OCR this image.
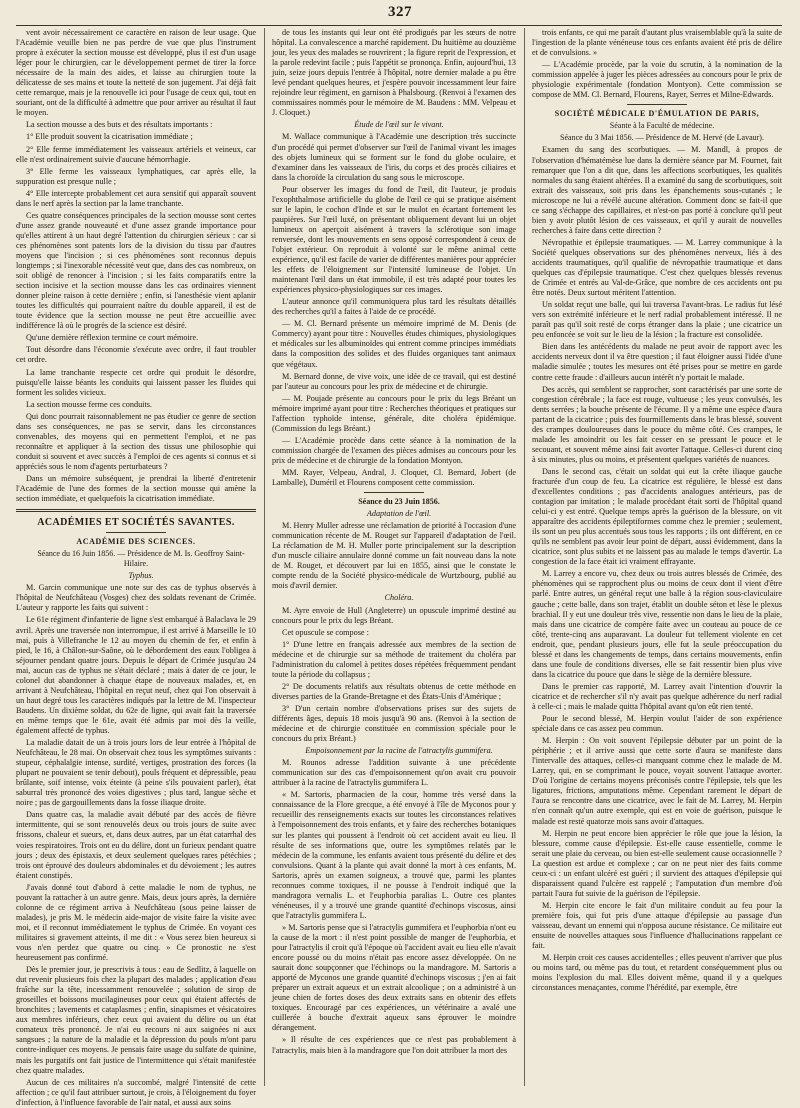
327

vent avoir nécessairement ce caractère en raison de leur usage. Que l'Académie veuille bien ne pas perdre de vue que plus l'instrument propre à exécuter la section mousse est développé, plus il est d'un usage léger pour le chirurgien, car le développement permet de tirer la force nécessaire de la main des aides, et laisse au chirurgien toute la délicatesse de ses mains et toute la netteté de son jugement. J'ai déjà fait cette remarque, mais je la renouvelle ici pour l'usage de ceux qui, tout en souriant, ont de la difficulté à admettre que pour arriver au résultat il faut le moyen.

La section mousse a des buts et des résultats importants :

1° Elle produit souvent la cicatrisation immédiate ;

2° Elle ferme immédiatement les vaisseaux artériels et veineux, car elle n'est ordinairement suivie d'aucune hémorrhagie.

3° Elle ferme les vaisseaux lymphatiques, car après elle, la suppuration est presque nulle ;

4° Elle intercepte probablement cet aura sensitif qui apparaît souvent dans le nerf après la section par la lame tranchante.

Ces quatre conséquences principales de la section mousse sont certes d'une assez grande nouveauté et d'une assez grande importance pour qu'elles attirent à un haut degré l'attention du chirurgien sérieux : car si ces phénomènes sont patents lors de la division du tissu par d'autres moyens que l'incision ; si ces phénomènes sont reconnus depuis longtemps ; si l'inexorable nécessité veut que, dans des cas nombreux, on soit obligé de renoncer à l'incision ; si les faits comparatifs entre la section incisive et la section mousse dans les cas ordinaires viennent donner pleine raison à cette dernière ; enfin, si l'anesthésie vient aplanir toutes les difficultés qui pourraient naître du double appareil, il est de toute évidence que la section mousse ne peut être accueillie avec indifférence là où le progrès de la science est désiré.

Qu'une dernière réflexion termine ce court mémoire.

Tout désordre dans l'économie s'exécute avec ordre, il faut troubler cet ordre.

La lame tranchante respecte cet ordre qui produit le désordre, puisqu'elle laisse béants les conduits qui laissent passer les fluides qui forment les solides vicieux.

La section mousse ferme ces conduits.

Qui donc pourrait raisonnablement ne pas étudier ce genre de section dans ses conséquences, ne pas se servir, dans les circonstances convenables, des moyens qui en permettent l'emploi, et ne pas reconnaître et appliquer à la section des tissus une philosophie qui conduit si souvent et avec succès à l'emploi de ces agents si connus et si appréciés sous le nom d'agents perturbateurs ?

Dans un mémoire subséquent, je prendrai la liberté d'entretenir l'Académie de l'une des formes de la section mousse qui amène la section immédiate, et quelquefois la cicatrisation immédiate.

ACADÉMIES ET SOCIÉTÉS SAVANTES.
ACADÉMIE DES SCIENCES.

Séance du 16 Juin 1856. — Présidence de M. Is. Geoffroy Saint-Hilaire.

Typhus.

M. Garcin communique une note sur des cas de typhus observés à l'hôpital de Neufchâteau (Vosges) chez des soldats revenant de Crimée. L'auteur y rapporte les faits qui suivent :

Le 61e régiment d'infanterie de ligne s'est embarqué à Balaclava le 29 avril. Après une traversée non interrompue, il est arrivé à Marseille le 10 mai, puis à Villefranche le 12 au moyen du chemin de fer, et enfin à pied, le 16, à Châlon-sur-Saône, où le débordement des eaux l'obligea à séjourner pendant quatre jours. Depuis le départ de Crimée jusqu'au 24 mai, aucun cas de typhus ne s'était déclaré ; mais à dater de ce jour, le colonel dut abandonner à chaque étape de nouveaux malades, et, en arrivant à Neufchâteau, l'hôpital en reçut neuf, chez qui l'on observait à un haut degré tous les caractères indiqués par la lettre de M. l'inspecteur Baudens. Un dixième soldat, du 62e de ligne, qui avait fait la traversée en même temps que le 61e, avait été admis par moi dès la veille, également affecté de typhus.

La maladie datait de un à trois jours lors de leur entrée à l'hôpital de Neufchâteau, le 28 mai. On observait chez tous les symptômes suivants : stupeur, céphalalgie intense, surdité, vertiges, prostration des forces (la plupart ne pouvaient se tenir debout), pouls fréquent et dépressible, peau brûlante, soif intense, voix éteinte (à peine s'ils pouvaient parler), état saburral très prononcé des voies digestives ; plus tard, langue sèche et noire ; pas de gargouillements dans la fosse iliaque droite.

Dans quatre cas, la maladie avait débuté par des accès de fièvre intermittente, qui se sont renouvelés deux ou trois jours de suite avec frissons, chaleur et sueurs, et, dans deux autres, par un état catarrhal des voies respiratoires. Trois ont eu du délire, dont un furieux pendant quatre jours ; deux des épistaxis, et deux seulement quelques rares pétéchies ; trois ont éprouvé des douleurs abdominales et du dévoiement ; les autres étaient constipés.

J'avais donné tout d'abord à cette maladie le nom de typhus, ne pouvant la rattacher à un autre genre. Mais, deux jours après, la dernière colonne de ce régiment arriva à Neufchâteau (sous peine laisser de malades), je pris M. le médecin aide-major de visite faire la visite avec moi, et il reconnut immédiatement le typhus de Crimée. En voyant ces militaires si gravement atteints, il me dit : « Vous serez bien heureux si vous n'en perdez que quatre ou cinq. » Ce pronostic ne s'est heureusement pas confirmé.

Dès le premier jour, je prescrivis à tous : eau de Sedlitz, à laquelle on dut revenir plusieurs fois chez la plupart des malades ; application d'eau fraîche sur la tête, incessamment renouvelée ; solution de sirop de groseilles et boissons mucilagineuses pour ceux qui étaient affectés de bronchites ; lavements et cataplasmes ; enfin, sinapismes et vésicatoires aux membres inférieurs, chez ceux qui avaient du délire ou un état comateux très prononcé. Je n'ai eu recours ni aux saignées ni aux sangsues ; la nature de la maladie et la dépression du pouls m'ont paru contre-indiquer ces moyens. Je pensais faire usage du sulfate de quinine, mais les purgatifs ont fait justice de l'intermittence qui s'était manifestée chez quatre malades.

Aucun de ces militaires n'a succombé, malgré l'intensité de cette affection ; ce qu'il faut attribuer surtout, je crois, à l'éloignement du foyer d'infection, à l'influence favorable de l'air natal, et aussi aux soins

de tous les instants qui leur ont été prodigués par les sœurs de notre hôpital. La convalescence a marché rapidement. Du huitième au douzième jour, les yeux des malades se rouvrirent ; la figure reprit de l'expression, et la parole redevint facile ; puis l'appétit se prononça. Enfin, aujourd'hui, 13 juin, seize jours depuis l'entrée à l'hôpital, notre dernier malade a pu être levé pendant quelques heures, et j'espère pouvoir incessamment leur faire rejoindre leur régiment, en garnison à Phalsbourg. (Renvoi à l'examen des commissaires nommés pour le mémoire de M. Baudens : MM. Velpeau et J. Cloquet.)

Étude de l'œil sur le vivant.

M. Wallace communique à l'Académie une description très succincte d'un procédé qui permet d'observer sur l'œil de l'animal vivant les images des objets lumineux qui se forment sur le fond du globe oculaire, et d'examiner dans les vaisseaux de l'iris, du corps et des procès ciliaires et dans la choroïde la circulation du sang sous le microscope.

Pour observer les images du fond de l'œil, dit l'auteur, je produis l'exophthalmose artificielle du globe de l'œil ce qui se pratique aisément sur le lapin, le cochon d'Inde et sur le mulot en écartant fortement les paupières. Sur l'œil luxé, on présentant obliquement devant lui un objet lumineux on aperçoit aisément à travers la sclérotique son image renversée, dont les mouvements en sens opposé correspondent à ceux de l'objet extérieur. On reproduit à volonté sur le même animal cette expérience, qu'il est facile de varier de différentes manières pour apprécier les effets de l'éloignement sur l'intensité lumineuse de l'objet. Un maintenant l'œil dans un état immobile, il est très adapté pour toutes les expériences physico-physiologiques sur ces images.

L'auteur annonce qu'il communiquera plus tard les résultats détaillés des recherches qu'il a faites à l'aide de ce procédé.

— M. Cl. Bernard présente un mémoire imprimé de M. Denis (de Commercy) ayant pour titre : Nouvelles études chimiques, physiologiques et médicales sur les albuminoïdes qui entrent comme principes immédiats dans la composition des solides et des fluides organiques tant animaux que végétaux.

M. Bernard donne, de vive voix, une idée de ce travail, qui est destiné par l'auteur au concours pour les prix de médecine et de chirurgie.

— M. Poujade présente au concours pour le prix du legs Bréant un mémoire imprimé ayant pour titre : Recherches théoriques et pratiques sur l'affection typhoïde intense, générale, dite choléra épidémique. (Commission du legs Bréant.)

— L'Académie procède dans cette séance à la nomination de la commission chargée de l'examen des pièces admises au concours pour les prix de médecine et de chirurgie de la fondation Montyon.

MM. Rayer, Velpeau, Andral, J. Cloquet, Cl. Bernard, Jobert (de Lamballe), Duméril et Flourens composent cette commission.

Séance du 23 Juin 1856.

Adaptation de l'œil.

M. Henry Muller adresse une réclamation de priorité à l'occasion d'une communication récente de M. Rouget sur l'appareil d'adaptation de l'œil. La réclamation de M. H. Muller porte principalement sur la description d'un muscle ciliaire annulaire donné comme un fait nouveau dans la note de M. Rouget, et découvert par lui en 1855, ainsi que le constate le compte rendu de la Société physico-médicale de Wurtzbourg, publié au mois d'avril dernier.

Choléra.

M. Ayre envoie de Hull (Angleterre) un opuscule imprimé destiné au concours pour le prix du legs Bréant.

Cet opuscule se compose :

1° D'une lettre en français adressée aux membres de la section de médecine et de chirurgie sur sa méthode de traitement du choléra par l'administration du calomel à petites doses répétées fréquemment pendant toute la période du collapsus ;

2° De documents relatifs aux résultats obtenus de cette méthode en diverses parties de la Grande-Bretagne et des États-Unis d'Amérique ;

3° D'un certain nombre d'observations prises sur des sujets de différents âges, depuis 18 mois jusqu'à 90 ans. (Renvoi à la section de médecine et de chirurgie constituée en commission spéciale pour le concours du prix Bréant.)

Empoisonnement par la racine de l'atractylis gummifera.

M. Rounos adresse l'addition suivante à une précédente communication sur des cas d'empoisonnement qu'on avait cru pouvoir attribuer à la racine de l'atractylis gummifera L.

« M. Sartoris, pharmacien de la cour, homme très versé dans la connaissance de la Flore grecque, a été envoyé à l'île de Myconos pour y recueillir des renseignements exacts sur toutes les circonstances relatives à l'empoisonnement des trois enfants, et y faire des recherches botaniques sur les plantes qui poussent à l'endroit où cet accident avait eu lieu. Il résulte de ses informations que, outre les symptômes relatés par le médecin de la commune, les enfants avaient tous présenté du délire et des convulsions. Quant à la plante qui avait donné la mort à ces enfants, M. Sartoris, après un examen soigneux, a trouvé que, parmi les plantes reconnues comme toxiques, il ne pousse à l'endroit indiqué que la mandragora vernalis L. et l'euphorbia paralias L. Outre ces plantes vénéneuses, il y a trouvé une grande quantité d'echinops viscosus, ainsi que l'atractylis gummifera L.

» M. Sartoris pense que si l'atractylis gummifera et l'euphorbia n'ont eu la cause de la mort : il n'est point possible de manger de l'euphorbia, et pour l'atractylis il croit qu'à l'époque où l'accident avait eu lieu elle n'avait encore poussé ou du moins n'était pas encore assez développée. On ne saurait donc soupçonner que l'échinops ou la mandragore. M. Sartoris a apporté de Myconos une grande quantité d'echinops viscosus ; j'en ai fait préparer un extrait aqueux et un extrait alcoolique ; on a administré à un jeune chien de fortes doses des deux extraits sans en obtenir des effets toxiques. Encouragé par ces expériences, un vétérinaire a avalé une cuillerée à bouche d'extrait aqueux sans éprouver le moindre dérangement.

» Il résulte de ces expériences que ce n'est pas probablement à l'atractylis, mais bien à la mandragore que l'on doit attribuer la mort des

trois enfants, ce qui me paraît d'autant plus vraisemblable qu'à la suite de l'ingestion de la plante vénéneuse tous ces enfants avaient été pris de délire et de convulsions. »

— L'Académie procède, par la voie du scrutin, à la nomination de la commission appelée à juger les pièces adressées au concours pour le prix de physiologie expérimentale (fondation Montyon). Cette commission se compose de MM. Cl. Bernard, Flourens, Rayer, Serres et Milne-Edwards.

SOCIÉTÉ MÉDICALE D'ÉMULATION DE PARIS,

Séante à la Faculté de médecine.

Séance du 3 Mai 1856. — Présidence de M. Hervé (de Lavaur).

Examen du sang des scorbutiques. — M. Mandl, à propos de l'observation d'hématémèse lue dans la dernière séance par M. Fournet, fait remarquer que l'on a dit que, dans les affections scorbutiques, les qualités normales du sang étaient altérées. Il a examiné du sang de scorbutiques, soit extrait des vaisseaux, soit pris dans les épanchements sous-cutanés ; le microscope ne lui a révélé aucune altération. Comment donc se fait-il que ce sang s'échappe des capillaires, et n'est-on pas porté à conclure qu'il peut bien y avoir plutôt lésion de ces vaisseaux, et qu'il y aurait de nouvelles recherches à faire dans cette direction ?

Névropathie et épilepsie traumatiques. — M. Larrey communique à la Société quelques observations sur des phénomènes nerveux, liés à des accidents traumatiques, qu'il qualifie de névropathie traumatique et dans quelques cas d'épilepsie traumatique. C'est chez quelques blessés revenus de Crimée et entrés au Val-de-Grâce, que nombre de ces accidents ont pu être notés. Deux surtout méritent l'attention.

Un soldat reçut une balle, qui lui traversa l'avant-bras. Le radius fut lésé vers son extrémité inférieure et le nerf radial probablement intéressé. Il ne paraît pas qu'il soit resté de corps étranger dans la plaie ; une cicatrice un peu enfoncée se voit sur le lieu de la lésion ; la fracture est consolidée.

Bien dans les antécédents du malade ne peut avoir de rapport avec les accidents nerveux dont il va être question ; il faut éloigner aussi l'idée d'une maladie simulée ; toutes les mesures ont été prises pour se mettre en garde contre cette fraude : d'ailleurs aucun intérêt n'y portait le malade.

Des accès, qui semblent se rapprocher, sont caractérisés par une sorte de congestion cérébrale ; la face est rouge, vultueuse ; les yeux convulsés, les dents serrées ; la bouche présente de l'écume. Il y a même une espèce d'aura partant de la cicatrice ; puis des fourmillements dans le bras blessé, souvent des crampes douloureuses dans le pouce du même côté. Ces crampes, le malade les amoindrit ou les fait cesser en se pressant le pouce et le secouant, et souvent même ainsi fait avorter l'attaque. Celles-ci durent cinq à six minutes, plus ou moins, et présentent quelques variétés de nuances.

Dans le second cas, c'était un soldat qui eut la crête iliaque gauche fracturée d'un coup de feu. La cicatrice est régulière, le blessé est dans d'excellentes conditions ; pas d'accidents analogues antérieurs, pas de contagion par imitation ; le malade procédant était sorti de l'hôpital quand celui-ci y est entré. Quelque temps après la guérison de la blessure, on vit apparaître des accidents épileptiformes comme chez le premier ; seulement, ils sont un peu plus accentués sous tous les rapports ; ils ont différent, en ce qu'ils ne semblent pas avoir leur point de départ, aussi évidemment, dans la cicatrice, sont plus subits et ne laissent pas au malade le temps d'avertir. La congestion de la face était ici vraiment effrayante.

M. Larrey a encore vu, chez deux ou trois autres blessés de Crimée, des phénomènes qui se rapprochent plus ou moins de ceux dont il vient d'être parlé. Entre autres, un général reçut une balle à la région sous-claviculaire gauche ; cette balle, dans son trajet, établit un double séton et lèse le plexus brachial. Il y eut une douleur très vive, ressentie non dans le lieu de la plaie, mais dans une cicatrice de compère faite avec un couteau au pouce de ce côté, trente-cinq ans auparavant. La douleur fut tellement violente en cet endroit, que, pendant plusieurs jours, elle fut la seule préoccupation du blessé et dans les changements de temps, dans certains mouvements, enfin dans une foule de conditions diverses, elle se fait ressentir bien plus vive dans la cicatrice du pouce que dans le siège de la dernière blessure.

Dans le premier cas rapporté, M. Larrey avait l'intention d'ouvrir la cicatrice et de rechercher s'il n'y avait pas quelque adhérence du nerf radial à celle-ci ; mais le malade quitta l'hôpital avant qu'on eût rien tenté.

Pour le second blessé, M. Herpin voulut l'aider de son expérience spéciale dans ce cas assez peu commun.

M. Herpin : On voit souvent l'épilepsie débuter par un point de la périphérie ; et il arrive aussi que cette sorte d'aura se manifeste dans l'intervalle des attaques, celles-ci manquant comme chez le malade de M. Larrey, qui, en se comprimant le pouce, voyait souvent l'attaque avorter. D'où l'origine de certains moyens préconisés contre l'épilepsie, tels que les ligatures, frictions, amputations même. Cependant rarement le départ de l'aura se rencontre dans une cicatrice, avec le fait de M. Larrey, M. Herpin n'en connaît qu'un autre exemple, qui est en voie de guérison, puisque le malade est resté quatorze mois sans avoir d'attaques.

M. Herpin ne peut encore bien apprécier le rôle que joue la lésion, la blessure, comme cause d'épilepsie. Est-elle cause essentielle, comme le serait une plaie du cerveau, ou bien est-elle seulement cause occasionnelle ? La question est ardue et complexe ; car on ne peut nier des faits comme ceux-ci : un enfant ulcéré est guéri ; il survient des attaques d'épilepsie qui disparaissent quand l'ulcère est rappelé ; l'amputation d'un membre d'où partait l'aura fut suivie de la guérison de l'épilepsie.

M. Herpin cite encore le fait d'un militaire conduit au feu pour la première fois, qui fut pris d'une attaque d'épilepsie au passage d'un vaisseau, devant un ennemi qui n'opposa aucune résistance. Ce militaire eut ensuite de nouvelles attaques sous l'influence d'hallucinations rappelant ce fait.

M. Herpin croit ces causes accidentelles ; elles peuvent n'arriver que plus ou moins tard, ou même pas du tout, et retardent conséquemment plus ou moins l'explosion du mal. Elles doivent même, quand il y a quelques circonstances menaçantes, comme l'hérédité, par exemple, être
